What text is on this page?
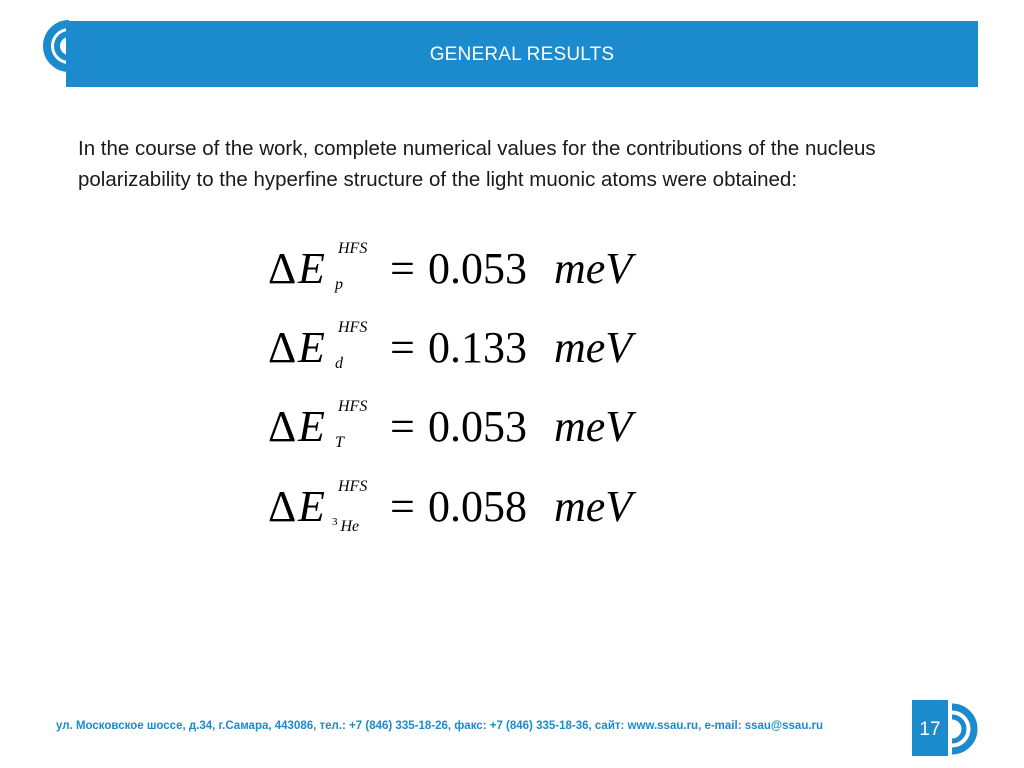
GENERAL RESULTS
In the course of the work, complete numerical values for the contributions of the nucleus polarizability to the hyperfine structure of the light muonic atoms were obtained:
Δ E HFS
p = 0.053 meV
Δ E HFS
d = 0.133 meV
Δ E HFS
T = 0.053 meV
Δ E HFS
$^3$ He = 0.058 meV
ул. Московское шоссе, д.34, г.Самара, 443086, тел.: +7 (846) 335-18-26, факс: +7 (846) 335-18-36, сайт: www.ssau.ru, e-mail: ssau@ssau.ru	17
